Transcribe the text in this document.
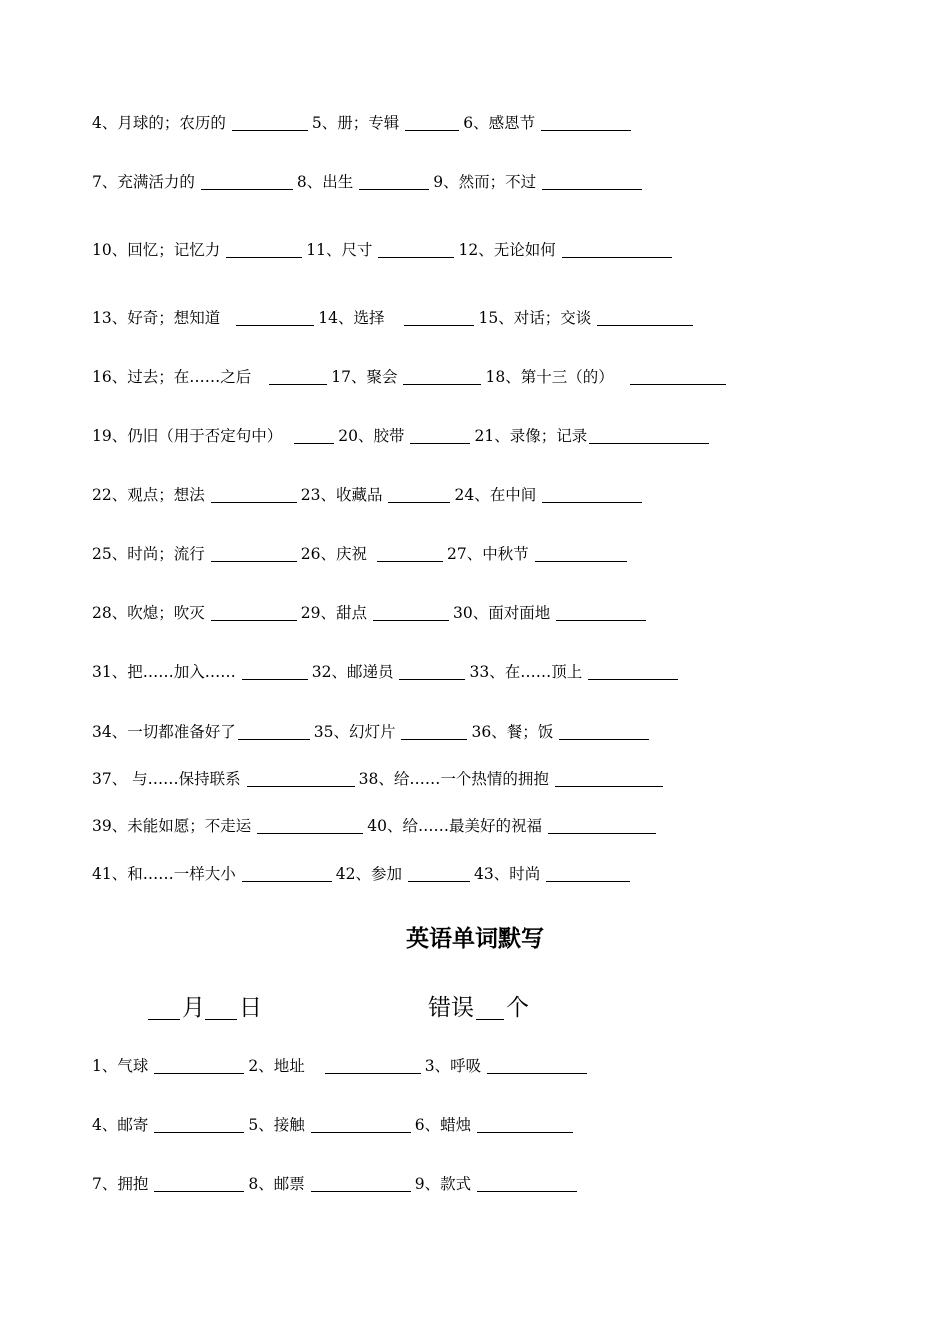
4、月球的；农历的	5、册；专辑	6、感恩节
7、充满活力的	8、出生	9、然而；不过
10、回忆；记忆力	11、尺寸	12、无论如何
13、好奇；想知道	14、选择	15、对话；交谈
16、过去；在……之后	17、聚会	18、第十三（的）
19、仍旧（用于否定句中）	20、胶带	21、录像；记录
22、观点；想法	23、收藏品	24、在中间
25、时尚；流行	26、庆祝	27、中秋节
28、吹熄；吹灭	29、甜点	30、面对面地
31、把……加入……	32、邮递员	33、在……顶上
34、一切都准备好了	35、幻灯片	36、餐；饭
37、 与……保持联系	38、给……一个热情的拥抱
39、未能如愿；不走运	40、给……最美好的祝福
41、和……一样大小	42、参加	43、时尚
英语单词默写
月 日	错误 个
1、气球	2、地址	3、呼吸
4、邮寄	5、接触	6、蜡烛
7、拥抱	8、邮票	9、款式
